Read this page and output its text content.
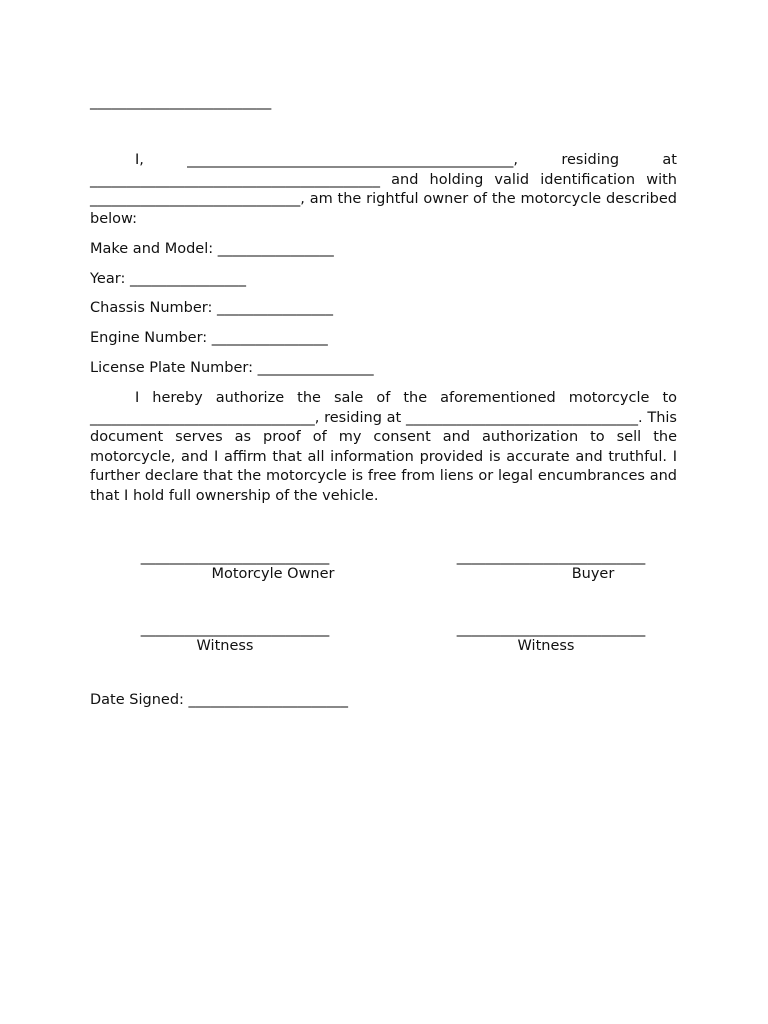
_________________________
I, _____________________________________________, residing at ________________________________________ and holding valid identification with _____________________________, am the rightful owner of the motorcycle described below:
Make and Model: ________________
Year: ________________
Chassis Number: ________________
Engine Number: ________________
License Plate Number: ________________
I hereby authorize the sale of the aforementioned motorcycle to _______________________________, residing at ________________________________. This document serves as proof of my consent and authorization to sell the motorcycle, and I affirm that all information provided is accurate and truthful. I further declare that the motorcycle is free from liens or legal encumbrances and that I hold full ownership of the vehicle.
__________________________
Motorcyle Owner
__________________________
Buyer
__________________________
Witness
__________________________
Witness
Date Signed: ______________________
